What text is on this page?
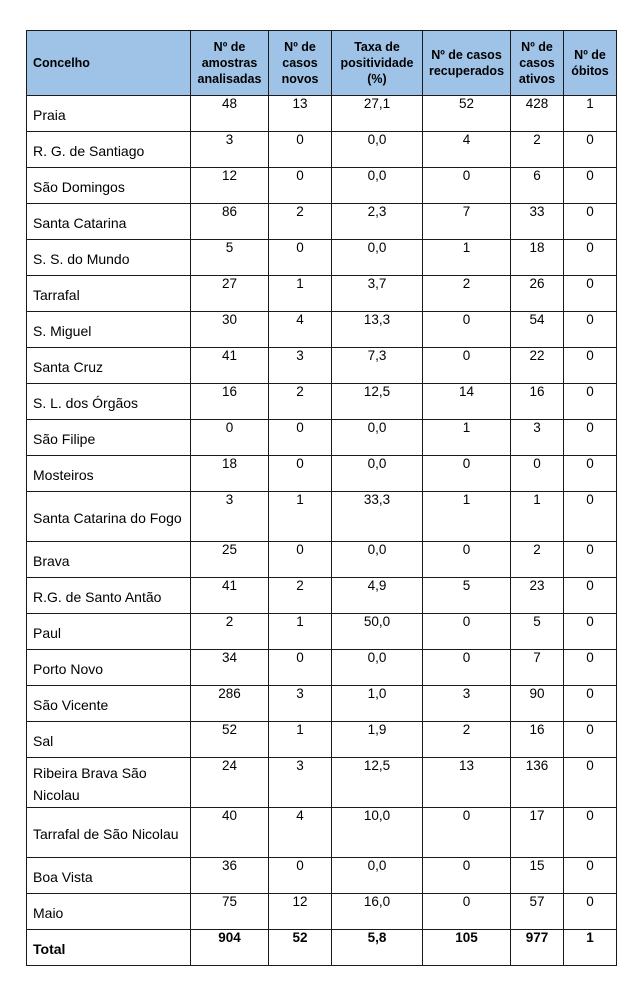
Concelho	Nº de
amostras
analisadas	Nº de
casos
novos	Taxa de
positividade
(%)	Nº de casos
recuperados	Nº de
casos
ativos	Nº de
óbitos
Praia	48	13	27,1	52	428	1
R. G. de Santiago	3	0	0,0	4	2	0
São Domingos	12	0	0,0	0	6	0
Santa Catarina	86	2	2,3	7	33	0
S. S. do Mundo	5	0	0,0	1	18	0
Tarrafal	27	1	3,7	2	26	0
S. Miguel	30	4	13,3	0	54	0
Santa Cruz	41	3	7,3	0	22	0
S. L. dos Órgãos	16	2	12,5	14	16	0
São Filipe	0	0	0,0	1	3	0
Mosteiros	18	0	0,0	0	0	0
Santa Catarina do Fogo	3	1	33,3	1	1	0
Brava	25	0	0,0	0	2	0
R.G. de Santo Antão	41	2	4,9	5	23	0
Paul	2	1	50,0	0	5	0
Porto Novo	34	0	0,0	0	7	0
São Vicente	286	3	1,0	3	90	0
Sal	52	1	1,9	2	16	0
Ribeira Brava São Nicolau	24	3	12,5	13	136	0
Tarrafal de São Nicolau	40	4	10,0	0	17	0
Boa Vista	36	0	0,0	0	15	0
Maio	75	12	16,0	0	57	0
Total	904	52	5,8	105	977	1
